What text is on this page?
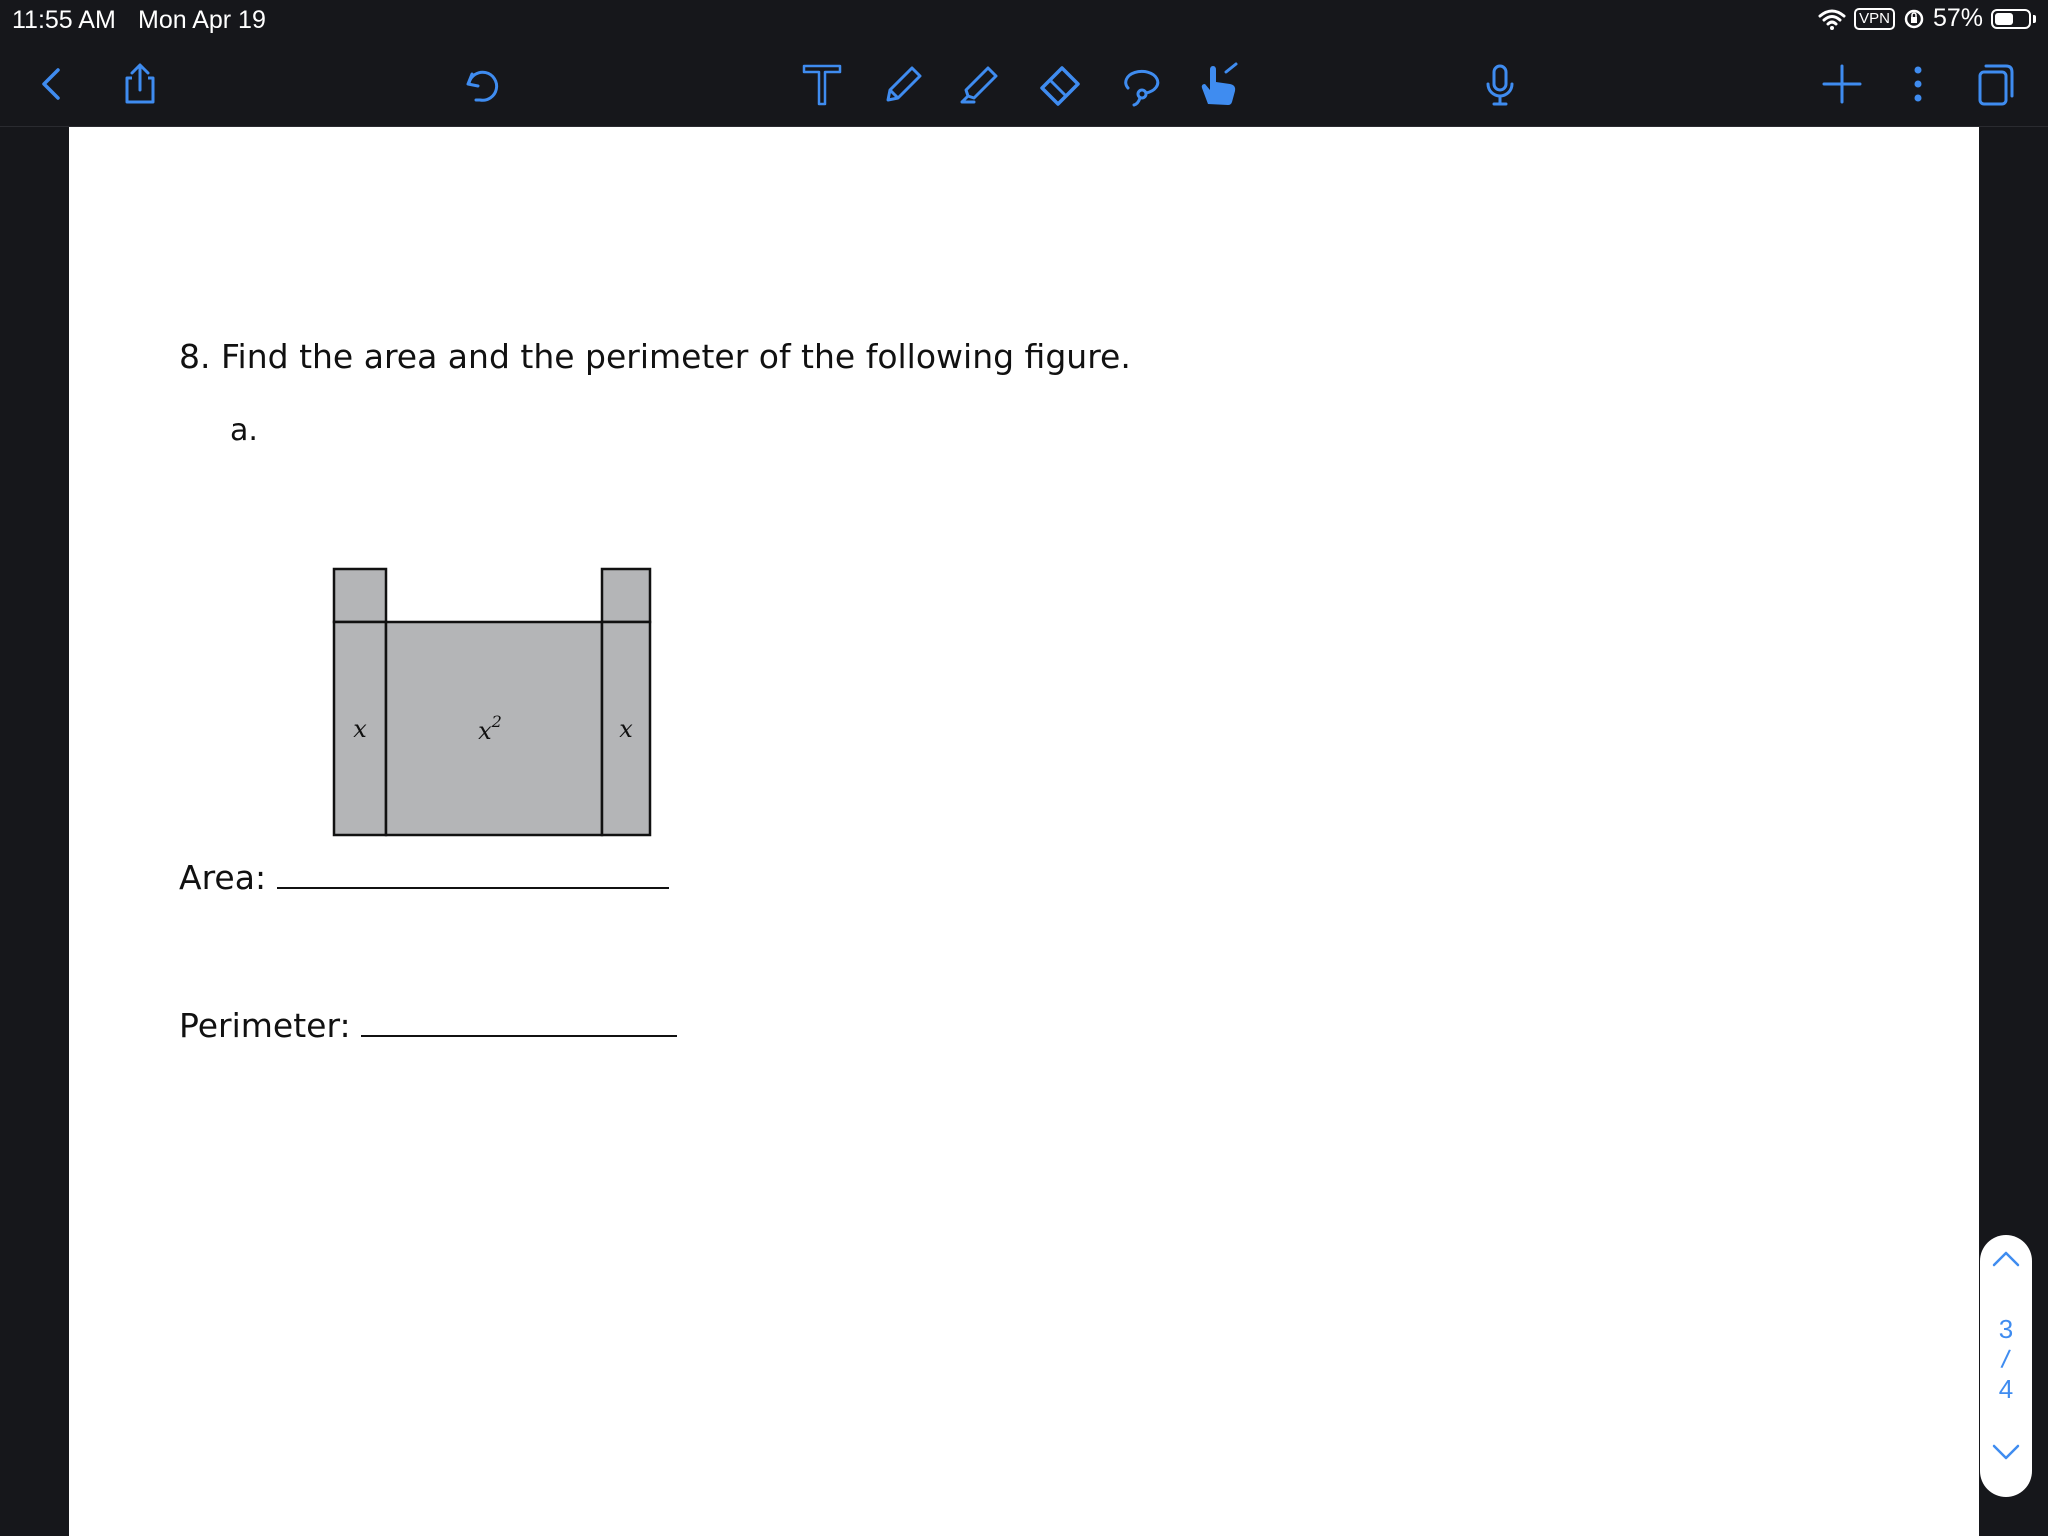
11:55 AM Mon Apr 19	VPN 57%
8. Find the area and the perimeter of the following figure.
a.
x	$x^2$	x
Area:
Perimeter:
3
/
4
